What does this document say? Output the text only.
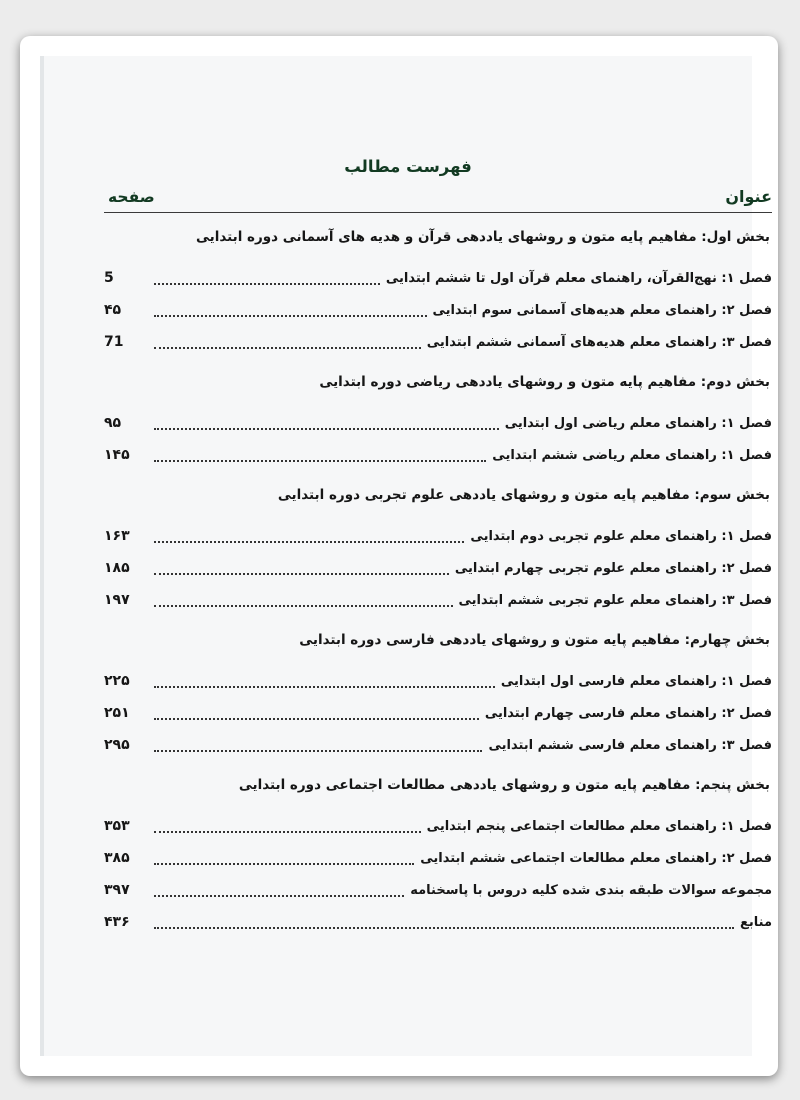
فهرست مطالب
عنوان
صفحه
بخش اول: مفاهیم پایه متون و روشهای یاددهی قرآن و هدیه های آسمانی دوره ابتدایی
فصل ۱: نهج‌القرآن، راهنمای معلم قرآن اول تا ششم ابتدایی
5
فصل ۲: راهنمای معلم هدیه‌های آسمانی سوم ابتدایی
۴۵
فصل ۳: راهنمای معلم هدیه‌های آسمانی ششم ابتدایی
71
بخش دوم: مفاهیم پایه متون و روشهای یاددهی ریاضی دوره ابتدایی
فصل ۱: راهنمای معلم ریاضی اول ابتدایی
۹۵
فصل ۱: راهنمای معلم ریاضی ششم ابتدایی
۱۴۵
بخش سوم: مفاهیم پایه متون و روشهای یاددهی علوم تجربی دوره ابتدایی
فصل ۱: راهنمای معلم علوم تجربی دوم ابتدایی
۱۶۳
فصل ۲: راهنمای معلم علوم تجربی چهارم ابتدایی
۱۸۵
فصل ۳: راهنمای معلم علوم تجربی ششم ابتدایی
۱۹۷
بخش چهارم: مفاهیم پایه متون و روشهای یاددهی فارسی دوره ابتدایی
فصل ۱: راهنمای معلم فارسی اول ابتدایی
۲۲۵
فصل ۲: راهنمای معلم فارسی چهارم ابتدایی
۲۵۱
فصل ۳: راهنمای معلم فارسی ششم ابتدایی
۲۹۵
بخش پنجم: مفاهیم پایه متون و روشهای یاددهی مطالعات اجتماعی دوره ابتدایی
فصل ۱: راهنمای معلم مطالعات اجتماعی پنجم ابتدایی
۳۵۳
فصل ۲: راهنمای معلم مطالعات اجتماعی ششم ابتدایی
۳۸۵
مجموعه سوالات طبقه بندی شده کلیه دروس با پاسخنامه
۳۹۷
منابع
۴۳۶
